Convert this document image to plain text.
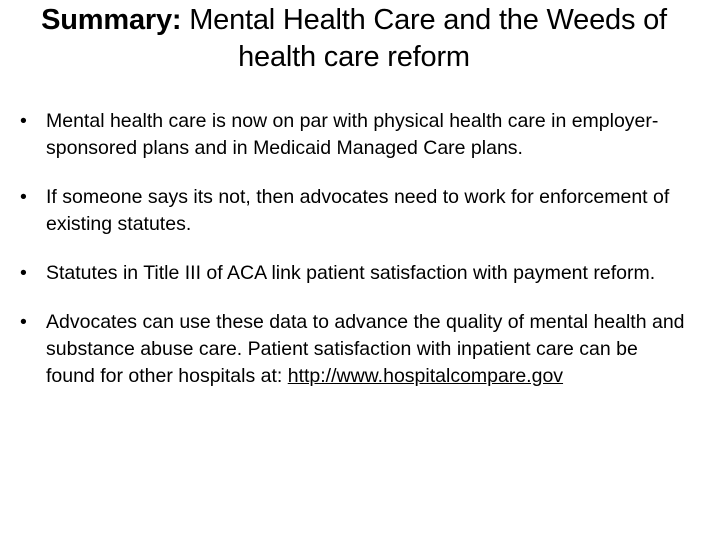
Summary: Mental Health Care and the Weeds of health care reform
• Mental health care is now on par with physical health care in employer-sponsored plans and in Medicaid Managed Care plans.
• If someone says its not, then advocates need to work for enforcement of existing statutes.
• Statutes in Title III of ACA link patient satisfaction with payment reform.
• Advocates can use these data to advance the quality of mental health and substance abuse care. Patient satisfaction with inpatient care can be found for other hospitals at: http://www.hospitalcompare.gov
